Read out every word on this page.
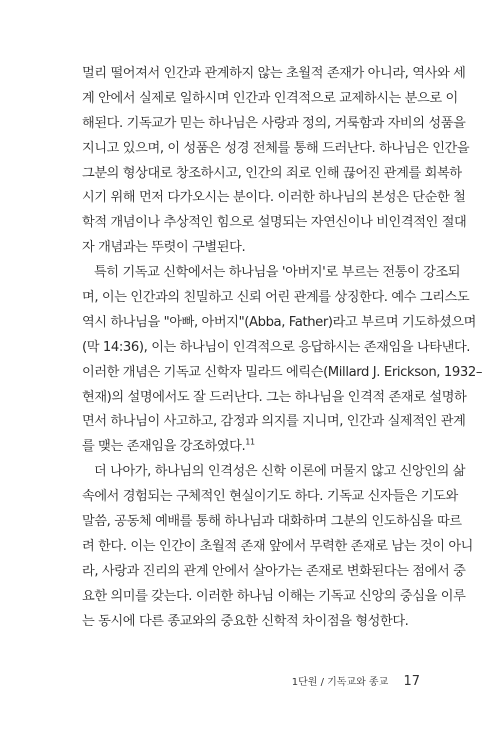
멀리 떨어져서 인간과 관계하지 않는 초월적 존재가 아니라, 역사와 세
계 안에서 실제로 일하시며 인간과 인격적으로 교제하시는 분으로 이
해된다. 기독교가 믿는 하나님은 사랑과 정의, 거룩함과 자비의 성품을
지니고 있으며, 이 성품은 성경 전체를 통해 드러난다. 하나님은 인간을
그분의 형상대로 창조하시고, 인간의 죄로 인해 끊어진 관계를 회복하
시기 위해 먼저 다가오시는 분이다. 이러한 하나님의 본성은 단순한 철
학적 개념이나 추상적인 힘으로 설명되는 자연신이나 비인격적인 절대
자 개념과는 뚜렷이 구별된다.
특히 기독교 신학에서는 하나님을 '아버지'로 부르는 전통이 강조되
며, 이는 인간과의 친밀하고 신뢰 어린 관계를 상징한다. 예수 그리스도
역시 하나님을 "아빠, 아버지"(Abba, Father)라고 부르며 기도하셨으며
(막 14:36), 이는 하나님이 인격적으로 응답하시는 존재임을 나타낸다.
이러한 개념은 기독교 신학자 밀라드 에릭슨(Millard J. Erickson, 1932–
현재)의 설명에서도 잘 드러난다. 그는 하나님을 인격적 존재로 설명하
면서 하나님이 사고하고, 감정과 의지를 지니며, 인간과 실제적인 관계
를 맺는 존재임을 강조하였다.$^{11}$
더 나아가, 하나님의 인격성은 신학 이론에 머물지 않고 신앙인의 삶
속에서 경험되는 구체적인 현실이기도 하다. 기독교 신자들은 기도와
말씀, 공동체 예배를 통해 하나님과 대화하며 그분의 인도하심을 따르
려 한다. 이는 인간이 초월적 존재 앞에서 무력한 존재로 남는 것이 아니
라, 사랑과 진리의 관계 안에서 살아가는 존재로 변화된다는 점에서 중
요한 의미를 갖는다. 이러한 하나님 이해는 기독교 신앙의 중심을 이루
는 동시에 다른 종교와의 중요한 신학적 차이점을 형성한다.
1단원 / 기독교와 종교 17
